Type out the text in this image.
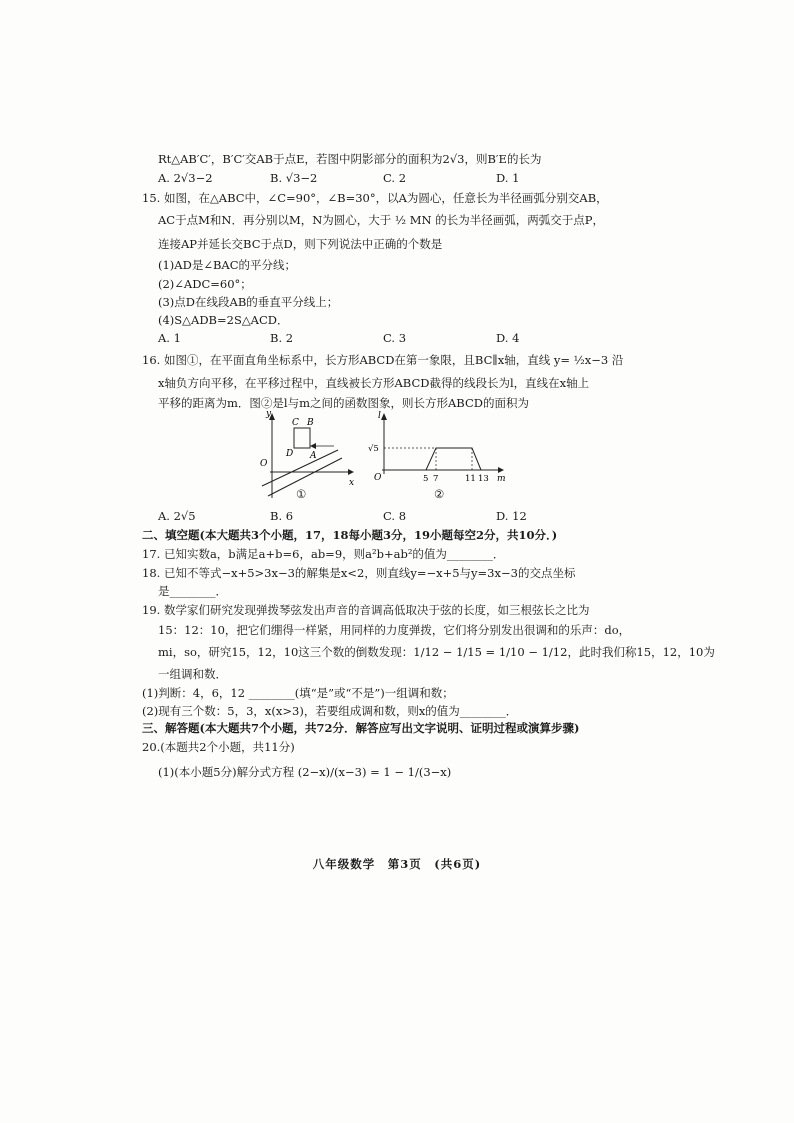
Rt△AB′C′，B′C′交AB于点E，若图中阴影部分的面积为2√3，则B′E的长为
A. 2√3−2	B. √3−2	C. 2	D. 1
15. 如图，在△ABC中，∠C=90°，∠B=30°，以A为圆心，任意长为半径画弧分别交AB，
AC于点M和N．再分别以M，N为圆心，大于 ½ MN 的长为半径画弧，两弧交于点P，
连接AP并延长交BC于点D，则下列说法中正确的个数是
(1)AD是∠BAC的平分线；
(2)∠ADC=60°；
(3)点D在线段AB的垂直平分线上；
(4)S△ADB=2S△ACD．
A. 1	B. 2	C. 3	D. 4
16. 如图①，在平面直角坐标系中，长方形ABCD在第一象限，且BC∥x轴，直线 y= ½x−3 沿
x轴负方向平移，在平移过程中，直线被长方形ABCD截得的线段长为l，直线在x轴上
平移的距离为m．图②是l与m之间的函数图象，则长方形ABCD的面积为
y
x
O
C B
D A
①
l
m
O
√5
5 7	11 13
②
A. 2√5	B. 6	C. 8	D. 12
二、填空题(本大题共3个小题，17，18每小题3分，19小题每空2分，共10分．)
17. 已知实数a，b满足a+b=6，ab=9，则a²b+ab²的值为________．
18. 已知不等式−x+5>3x−3的解集是x<2，则直线y=−x+5与y=3x−3的交点坐标
是________．
19. 数学家们研究发现弹拨琴弦发出声音的音调高低取决于弦的长度，如三根弦长之比为
15：12：10，把它们绷得一样紧，用同样的力度弹拨，它们将分别发出很调和的乐声：do，
mi，so，研究15，12，10这三个数的倒数发现：1/12 − 1/15 = 1/10 − 1/12，此时我们称15，12，10为
一组调和数．
(1)判断：4，6，12 ________(填“是”或“不是”)一组调和数；
(2)现有三个数：5，3，x(x>3)，若要组成调和数，则x的值为________．
三、解答题(本大题共7个小题，共72分．解答应写出文字说明、证明过程或演算步骤)
20.(本题共2个小题，共11分)
(1)(本小题5分)解分式方程 (2−x)/(x−3) = 1 − 1/(3−x)
八年级数学　第3页　(共6页)
